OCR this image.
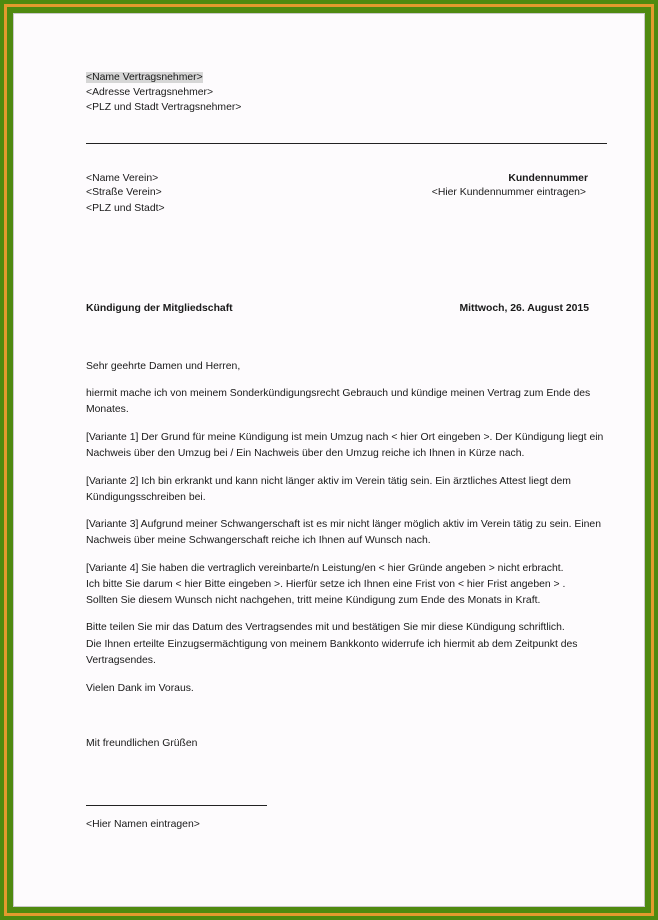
<Name Vertragsnehmer>
<Adresse Vertragsnehmer>
<PLZ und Stadt Vertragsnehmer>
<Name Verein>
<Straße Verein>
<PLZ und Stadt>
Kundennummer
<Hier Kundennummer eintragen>
Kündigung der Mitgliedschaft	Mittwoch, 26. August 2015
Sehr geehrte Damen und Herren,
hiermit mache ich von meinem Sonderkündigungsrecht Gebrauch und kündige meinen Vertrag zum Ende des Monates.
[Variante 1] Der Grund für meine Kündigung ist mein Umzug nach < hier Ort eingeben >. Der Kündigung liegt ein Nachweis über den Umzug bei / Ein Nachweis über den Umzug reiche ich Ihnen in Kürze nach.
[Variante 2] Ich bin erkrankt und kann nicht länger aktiv im Verein tätig sein. Ein ärztliches Attest liegt dem Kündigungsschreiben bei.
[Variante 3] Aufgrund meiner Schwangerschaft ist es mir nicht länger möglich aktiv im Verein tätig zu sein. Einen Nachweis über meine Schwangerschaft reiche ich Ihnen auf Wunsch nach.
[Variante 4] Sie haben die vertraglich vereinbarte/n Leistung/en < hier Gründe angeben > nicht erbracht.
Ich bitte Sie darum < hier Bitte eingeben >. Hierfür setze ich Ihnen eine Frist von < hier Frist angeben > .
Sollten Sie diesem Wunsch nicht nachgehen, tritt meine Kündigung zum Ende des Monats in Kraft.
Bitte teilen Sie mir das Datum des Vertragsendes mit und bestätigen Sie mir diese Kündigung schriftlich.
Die Ihnen erteilte Einzugsermächtigung von meinem Bankkonto widerrufe ich hiermit ab dem Zeitpunkt des Vertragsendes.
Vielen Dank im Voraus.
Mit freundlichen Grüßen
<Hier Namen eintragen>
